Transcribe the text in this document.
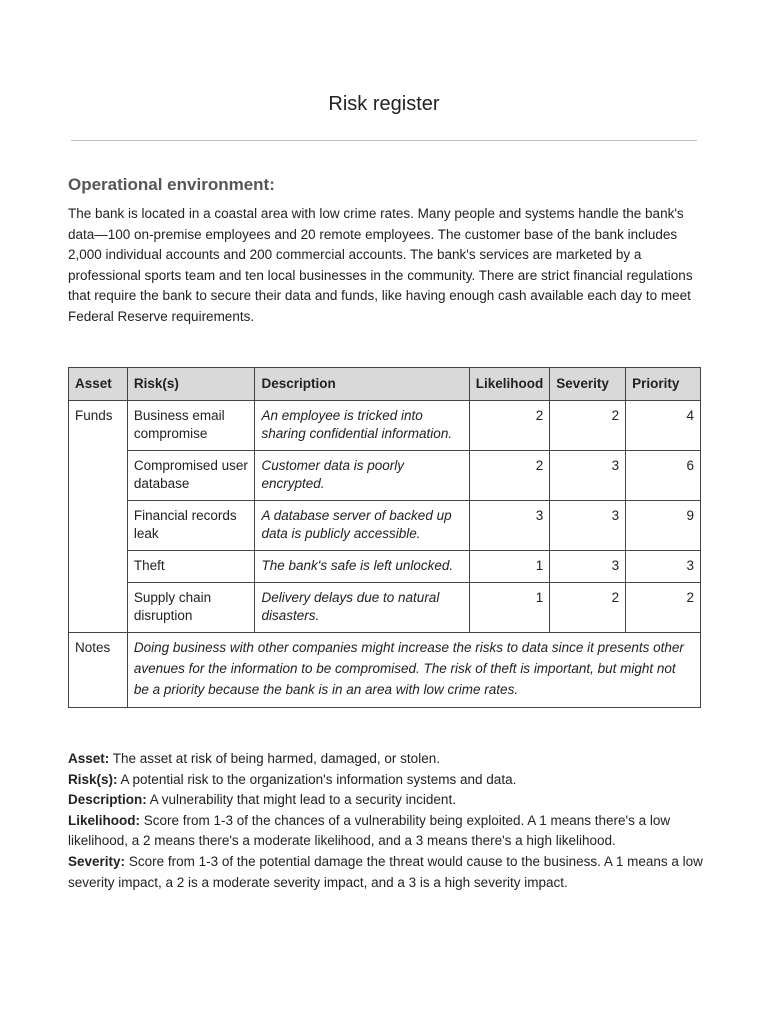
Risk register
Operational environment:

The bank is located in a coastal area with low crime rates. Many people and systems handle the bank's data—100 on-premise employees and 20 remote employees. The customer base of the bank includes 2,000 individual accounts and 200 commercial accounts. The bank's services are marketed by a professional sports team and ten local businesses in the community. There are strict financial regulations that require the bank to secure their data and funds, like having enough cash available each day to meet Federal Reserve requirements.

Asset	Risk(s)	Description	Likelihood	Severity	Priority
Funds	Business email compromise	An employee is tricked into sharing confidential information.	2	2	4
	Compromised user database	Customer data is poorly encrypted.	2	3	6
	Financial records leak	A database server of backed up data is publicly accessible.	3	3	9
	Theft	The bank's safe is left unlocked.	1	3	3
	Supply chain disruption	Delivery delays due to natural disasters.	1	2	2
Notes	Doing business with other companies might increase the risks to data since it presents other avenues for the information to be compromised. The risk of theft is important, but might not be a priority because the bank is in an area with low crime rates.				

Asset: The asset at risk of being harmed, damaged, or stolen.

Risk(s): A potential risk to the organization's information systems and data.

Description: A vulnerability that might lead to a security incident.

Likelihood: Score from 1-3 of the chances of a vulnerability being exploited. A 1 means there's a low likelihood, a 2 means there's a moderate likelihood, and a 3 means there's a high likelihood.

Severity: Score from 1-3 of the potential damage the threat would cause to the business. A 1 means a low severity impact, a 2 is a moderate severity impact, and a 3 is a high severity impact.
